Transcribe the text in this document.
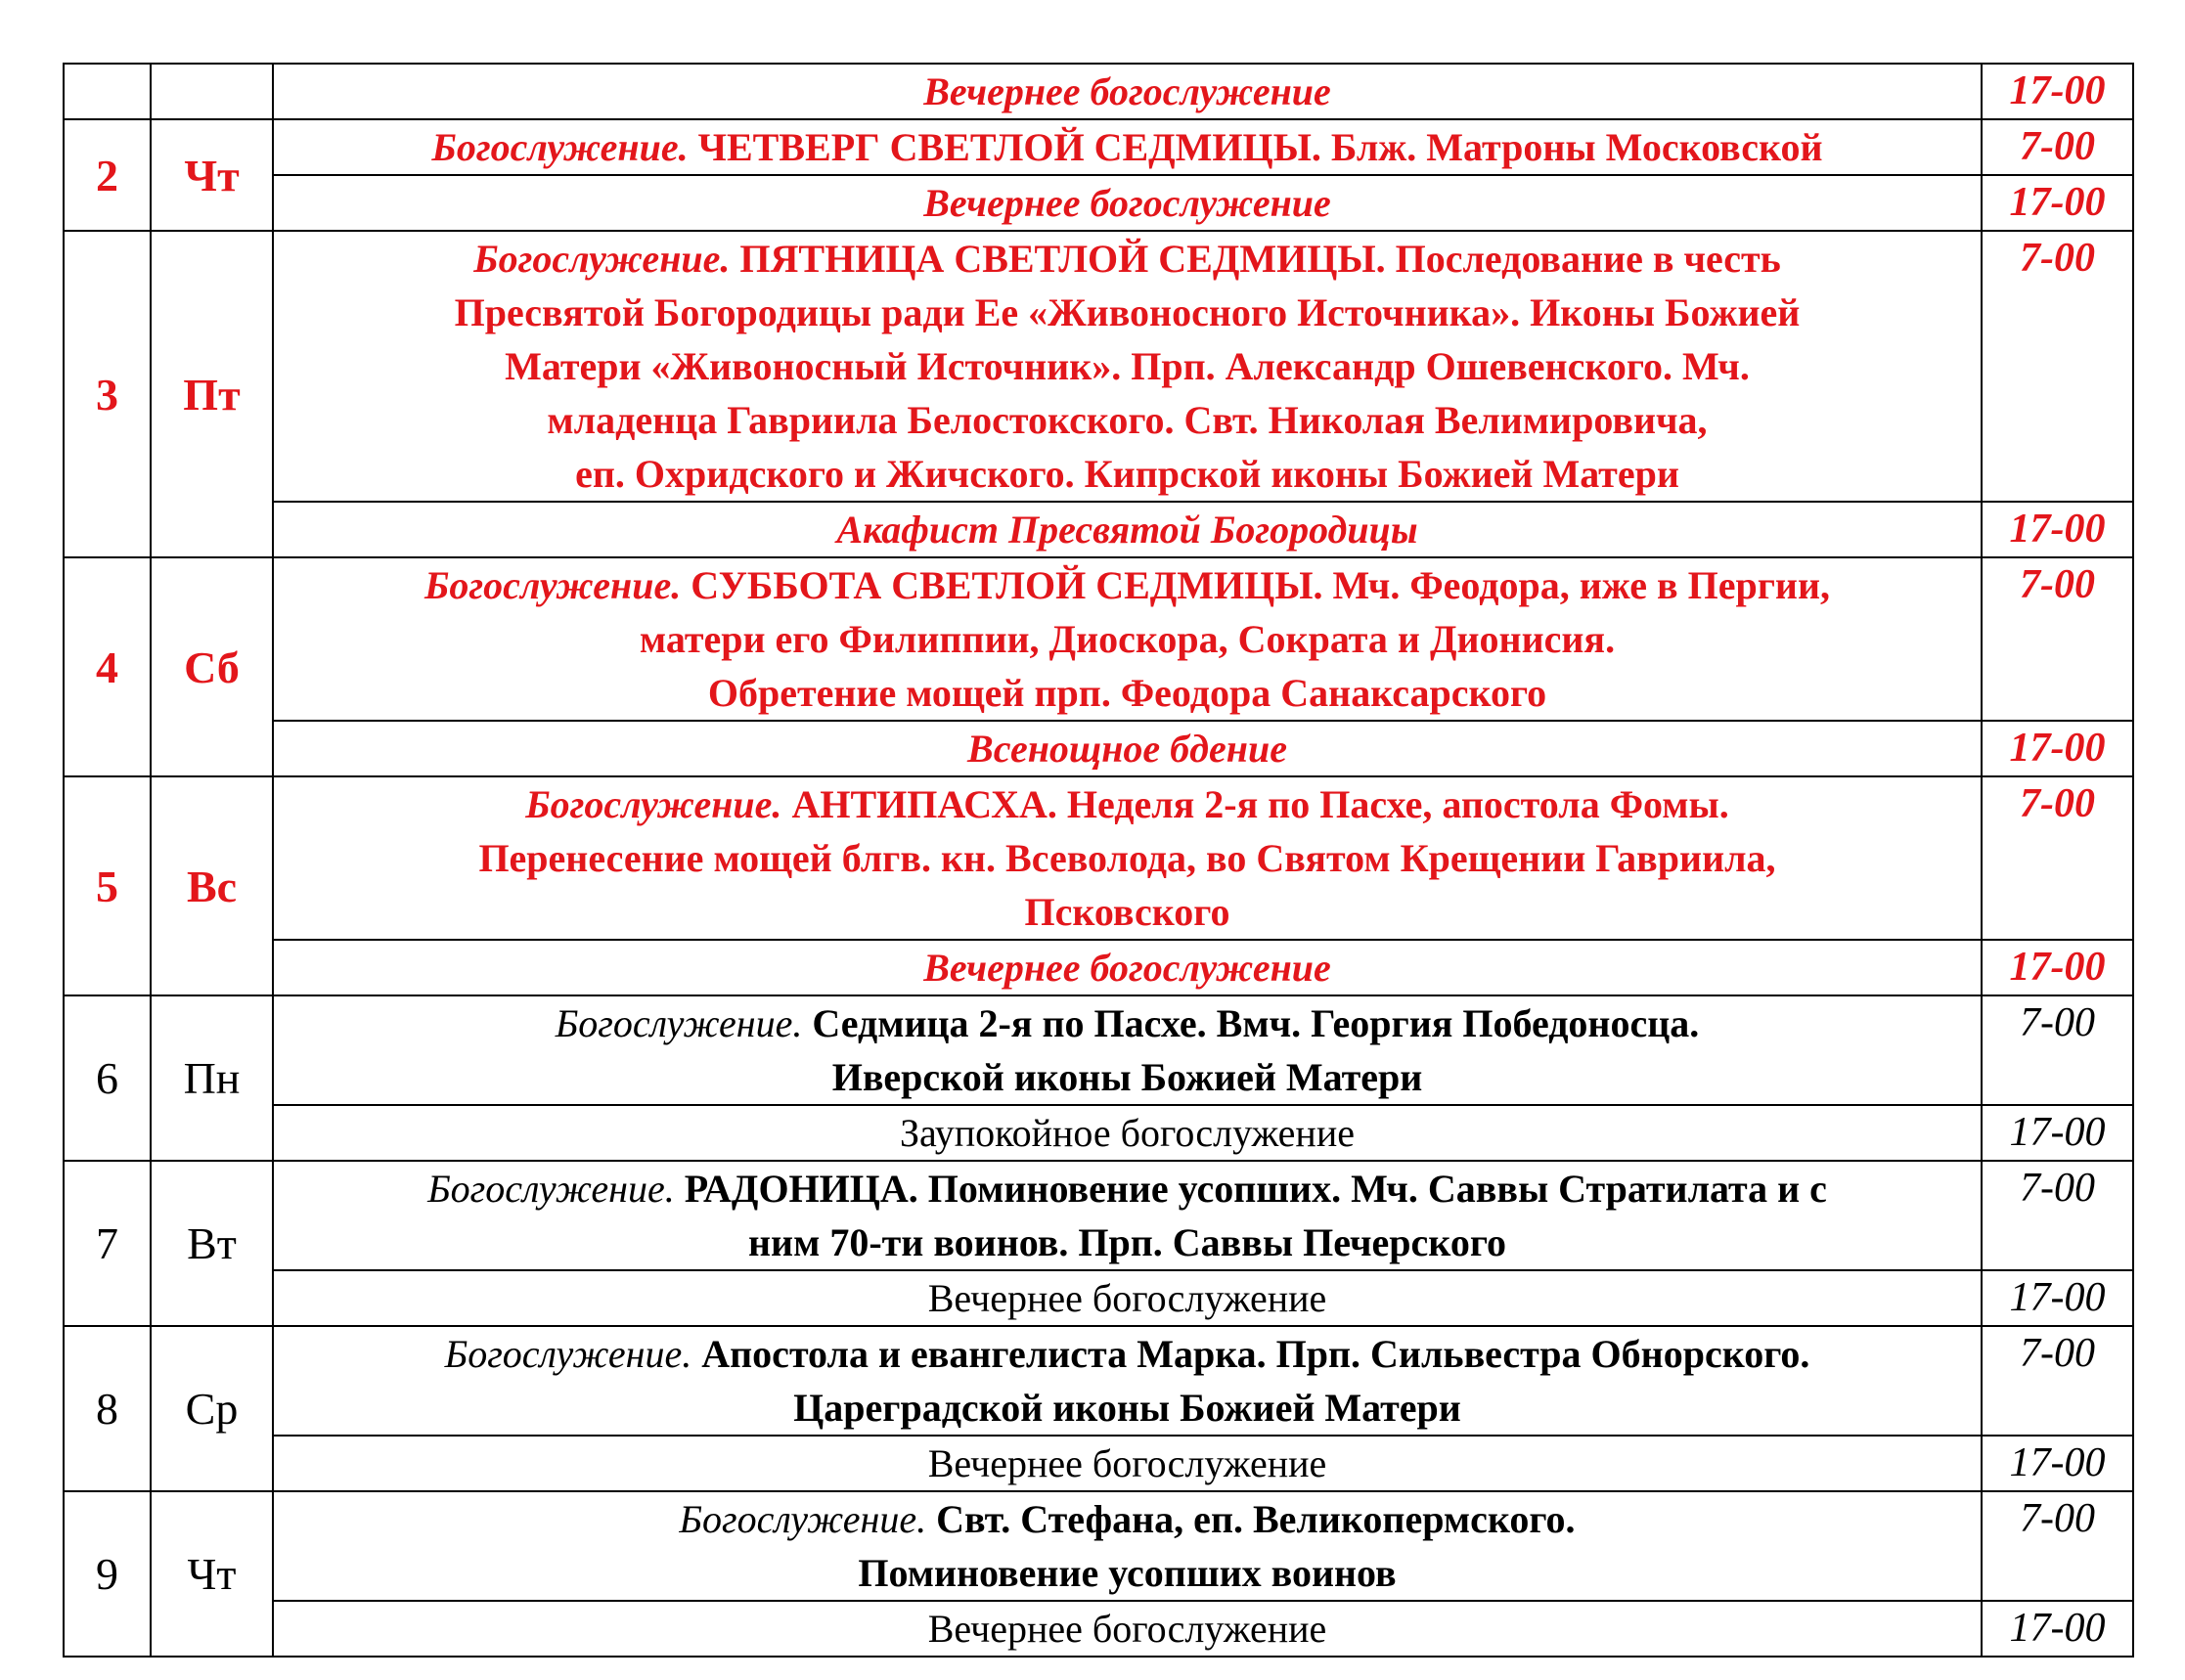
		Вечернее богослужение	17-00
2	Чт	Богослужение. ЧЕТВЕРГ СВЕТЛОЙ СЕДМИЦЫ. Блж. Матроны Московской	7-00
		Вечернее богослужение	17-00
3	Пт	Богослужение. ПЯТНИЦА СВЕТЛОЙ СЕДМИЦЫ. Последование в честь
Пресвятой Богородицы ради Ее «Живоносного Источника». Иконы Божией
Матери «Живоносный Источник». Прп. Александр Ошевенского. Мч.
младенца Гавриила Белостокского. Свт. Николая Велимировича,
еп. Охридского и Жичского. Кипрской иконы Божией Матери	7-00
		Акафист Пресвятой Богородицы	17-00
4	Сб	Богослужение. СУББОТА СВЕТЛОЙ СЕДМИЦЫ. Мч. Феодора, иже в Пергии,
матери его Филиппии, Диоскора, Сократа и Дионисия.
Обретение мощей прп. Феодора Санаксарского	7-00
		Всенощное бдение	17-00
5	Вс	Богослужение. АНТИПАСХА. Неделя 2-я по Пасхе, апостола Фомы.
Перенесение мощей блгв. кн. Всеволода, во Святом Крещении Гавриила,
Псковского	7-00
		Вечернее богослужение	17-00
6	Пн	Богослужение. Седмица 2-я по Пасхе. Вмч. Георгия Победоносца.
Иверской иконы Божией Матери	7-00
		Заупокойное богослужение	17-00
7	Вт	Богослужение. РАДОНИЦА. Поминовение усопших. Мч. Саввы Стратилата и с
ним 70-ти воинов. Прп. Саввы Печерского	7-00
		Вечернее богослужение	17-00
8	Ср	Богослужение. Апостола и евангелиста Марка. Прп. Сильвестра Обнорского.
Цареградской иконы Божией Матери	7-00
		Вечернее богослужение	17-00
9	Чт	Богослужение. Свт. Стефана, еп. Великопермского.
Поминовение усопших воинов	7-00
		Вечернее богослужение	17-00
